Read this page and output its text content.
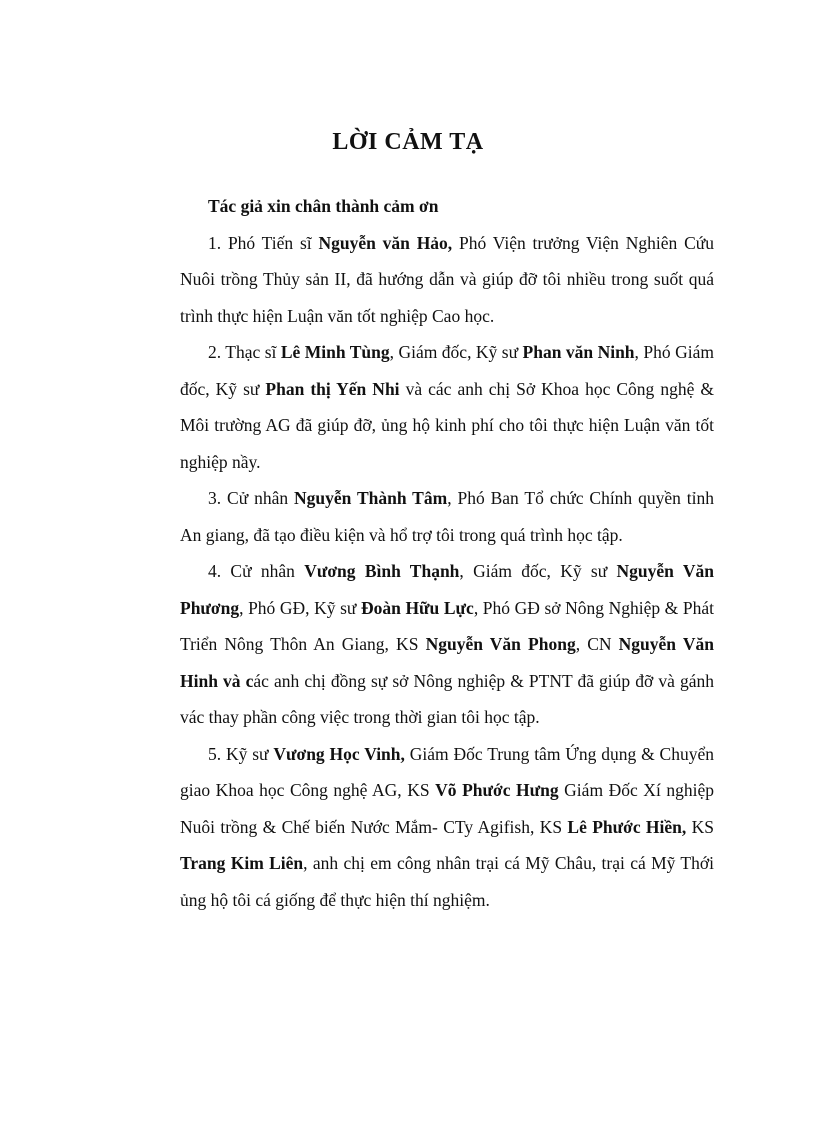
LỜI CẢM TẠ

Tác giả xin chân thành cảm ơn

1. Phó Tiến sĩ Nguyễn văn Hảo, Phó Viện trưởng Viện Nghiên Cứu Nuôi trồng Thủy sản II, đã hướng dẫn và giúp đỡ tôi nhiều trong suốt quá trình thực hiện Luận văn tốt nghiệp Cao học.

2. Thạc sĩ Lê Minh Tùng, Giám đốc, Kỹ sư Phan văn Ninh, Phó Giám đốc, Kỹ sư Phan thị Yến Nhi và các anh chị Sở Khoa học Công nghệ & Môi trường AG đã giúp đỡ, ủng hộ kinh phí cho tôi thực hiện Luận văn tốt nghiệp nầy.

3. Cử nhân Nguyễn Thành Tâm, Phó Ban Tổ chức Chính quyền tỉnh An giang, đã tạo điều kiện và hổ trợ tôi trong quá trình học tập.

4. Cử nhân Vương Bình Thạnh, Giám đốc, Kỹ sư Nguyễn Văn Phương, Phó GĐ, Kỹ sư Đoàn Hữu Lực, Phó GĐ sở Nông Nghiệp & Phát Triển Nông Thôn An Giang, KS Nguyễn Văn Phong, CN Nguyễn Văn Hinh và các anh chị đồng sự sở Nông nghiệp & PTNT đã giúp đỡ và gánh vác thay phần công việc trong thời gian tôi học tập.

5. Kỹ sư Vương Học Vinh, Giám Đốc Trung tâm Ứng dụng & Chuyển giao Khoa học Công nghệ AG, KS Võ Phước Hưng Giám Đốc Xí nghiệp Nuôi trồng & Chế biến Nước Mắm- CTy Agifish, KS Lê Phước Hiền, KS Trang Kim Liên, anh chị em công nhân trại cá Mỹ Châu, trại cá Mỹ Thới ủng hộ tôi cá giống để thực hiện thí nghiệm.
